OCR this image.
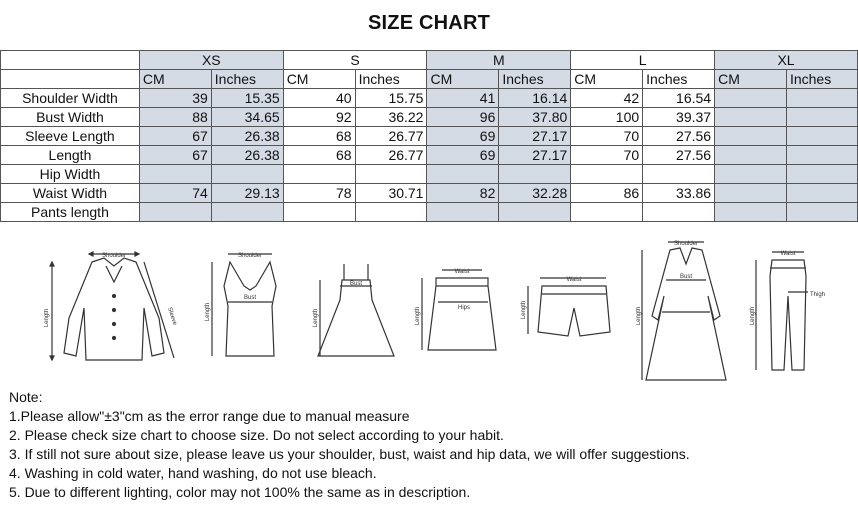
SIZE CHART
	XS		S		M		L		XL	
	CM	Inches	CM	Inches	CM	Inches	CM	Inches	CM	Inches
Shoulder Width	39	15.35	40	15.75	41	16.14	42	16.54		
Bust Width	88	34.65	92	36.22	96	37.80	100	39.37		
Sleeve Length	67	26.38	68	26.77	69	27.17	70	27.56		
Length	67	26.38	68	26.77	69	27.17	70	27.56		
Hip Width										
Waist Width	74	29.13	78	30.71	82	32.28	86	33.86		
Pants length										
Shoulder
Length	Sleeve
Shoulder
Bust
Length
Bust
Length
Waist
Hips
Length
Waist
Length
Shoulder
Bust
Length
Waist
Thigh
Length
Note:
1.Please allow"±3"cm as the error range due to manual measure
2. Please check size chart to choose size. Do not select according to your habit.
3. If still not sure about size, please leave us your shoulder, bust, waist and hip data, we will offer suggestions.
4. Washing in cold water, hand washing, do not use bleach.
5. Due to different lighting, color may not 100% the same as in description.
